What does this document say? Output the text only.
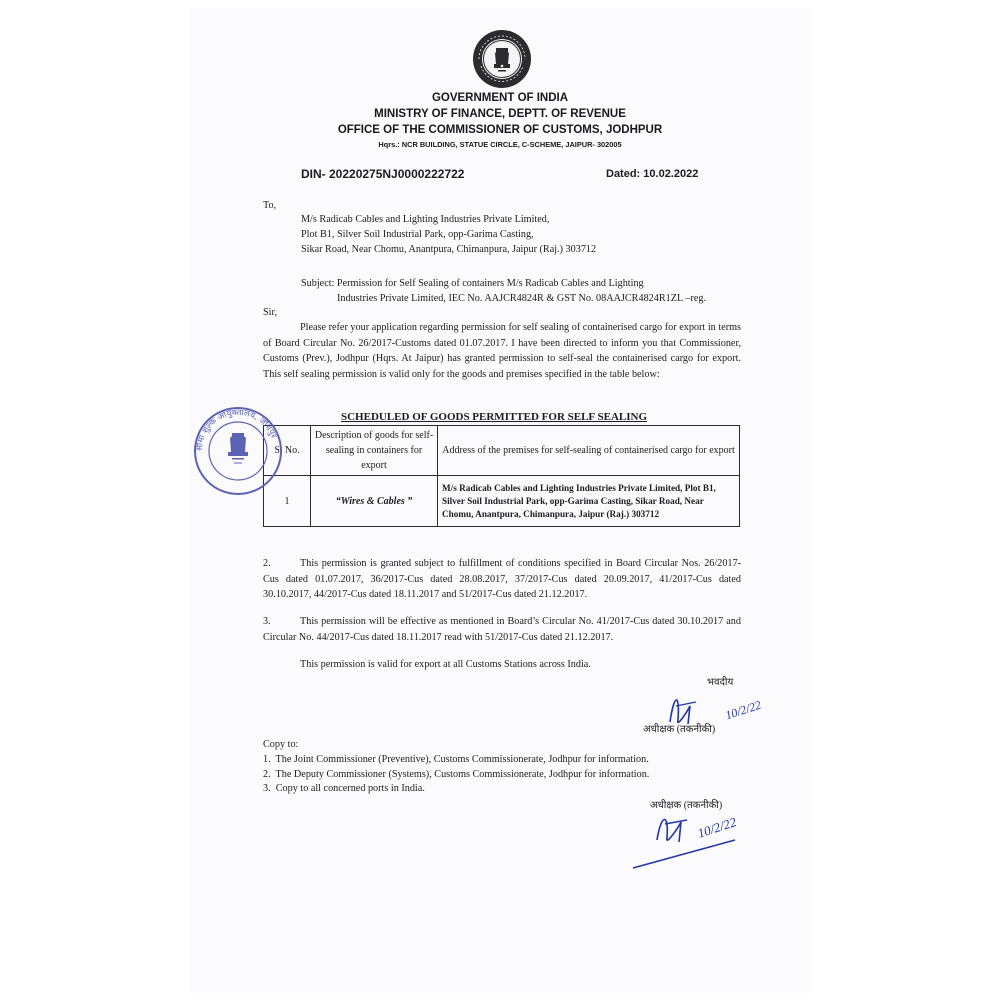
GOVERNMENT OF INDIA
MINISTRY OF FINANCE, DEPTT. OF REVENUE
OFFICE OF THE COMMISSIONER OF CUSTOMS, JODHPUR
Hqrs.: NCR BUILDING, STATUE CIRCLE, C-SCHEME, JAIPUR- 302005
DIN- 20220275NJ0000222722	Dated: 10.02.2022
To,
M/s Radicab Cables and Lighting Industries Private Limited,
Plot B1, Silver Soil Industrial Park, opp-Garima Casting,
Sikar Road, Near Chomu, Anantpura, Chimanpura, Jaipur (Raj.) 303712
Subject: Permission for Self Sealing of containers M/s Radicab Cables and Lighting
Industries Private Limited, IEC No. AAJCR4824R & GST No. 08AAJCR4824R1ZL –reg.
Sir,
Please refer your application regarding permission for self sealing of containerised cargo for export in terms of Board Circular No. 26/2017-Customs dated 01.07.2017. I have been directed to inform you that Commissioner, Customs (Prev.), Jodhpur (Hqrs. At Jaipur) has granted permission to self-seal the containerised cargo for export. This self sealing permission is valid only for the goods and premises specified in the table below:
SCHEDULED OF GOODS PERMITTED FOR SELF SEALING
S. No.	Description of goods for self-sealing in containers for export	Address of the premises for self-sealing of containerised cargo for export
1	“Wires & Cables ”	M/s Radicab Cables and Lighting Industries Private Limited, Plot B1, Silver Soil Industrial Park, opp-Garima Casting, Sikar Road, Near Chomu, Anantpura, Chimanpura, Jaipur (Raj.) 303712
सीमा शुल्क आयुक्तालय, जोधपुर
2.	This permission is granted subject to fulfillment of conditions specified in Board Circular Nos. 26/2017-Cus dated 01.07.2017, 36/2017-Cus dated 28.08.2017, 37/2017-Cus dated 20.09.2017, 41/2017-Cus dated 30.10.2017, 44/2017-Cus dated 18.11.2017 and 51/2017-Cus dated 21.12.2017.
3.	This permission will be effective as mentioned in Board’s Circular No. 41/2017-Cus dated 30.10.2017 and Circular No. 44/2017-Cus dated 18.11.2017 read with 51/2017-Cus dated 21.12.2017.
This permission is valid for export at all Customs Stations across India.
भवदीय
अधीक्षक (तकनीकी)
10/2/22
Copy to:
1.  The Joint Commissioner (Preventive), Customs Commissionerate, Jodhpur for information.
2.  The Deputy Commissioner (Systems), Customs Commissionerate, Jodhpur for information.
3.  Copy to all concerned ports in India.
अधीक्षक (तकनीकी)
10/2/22
